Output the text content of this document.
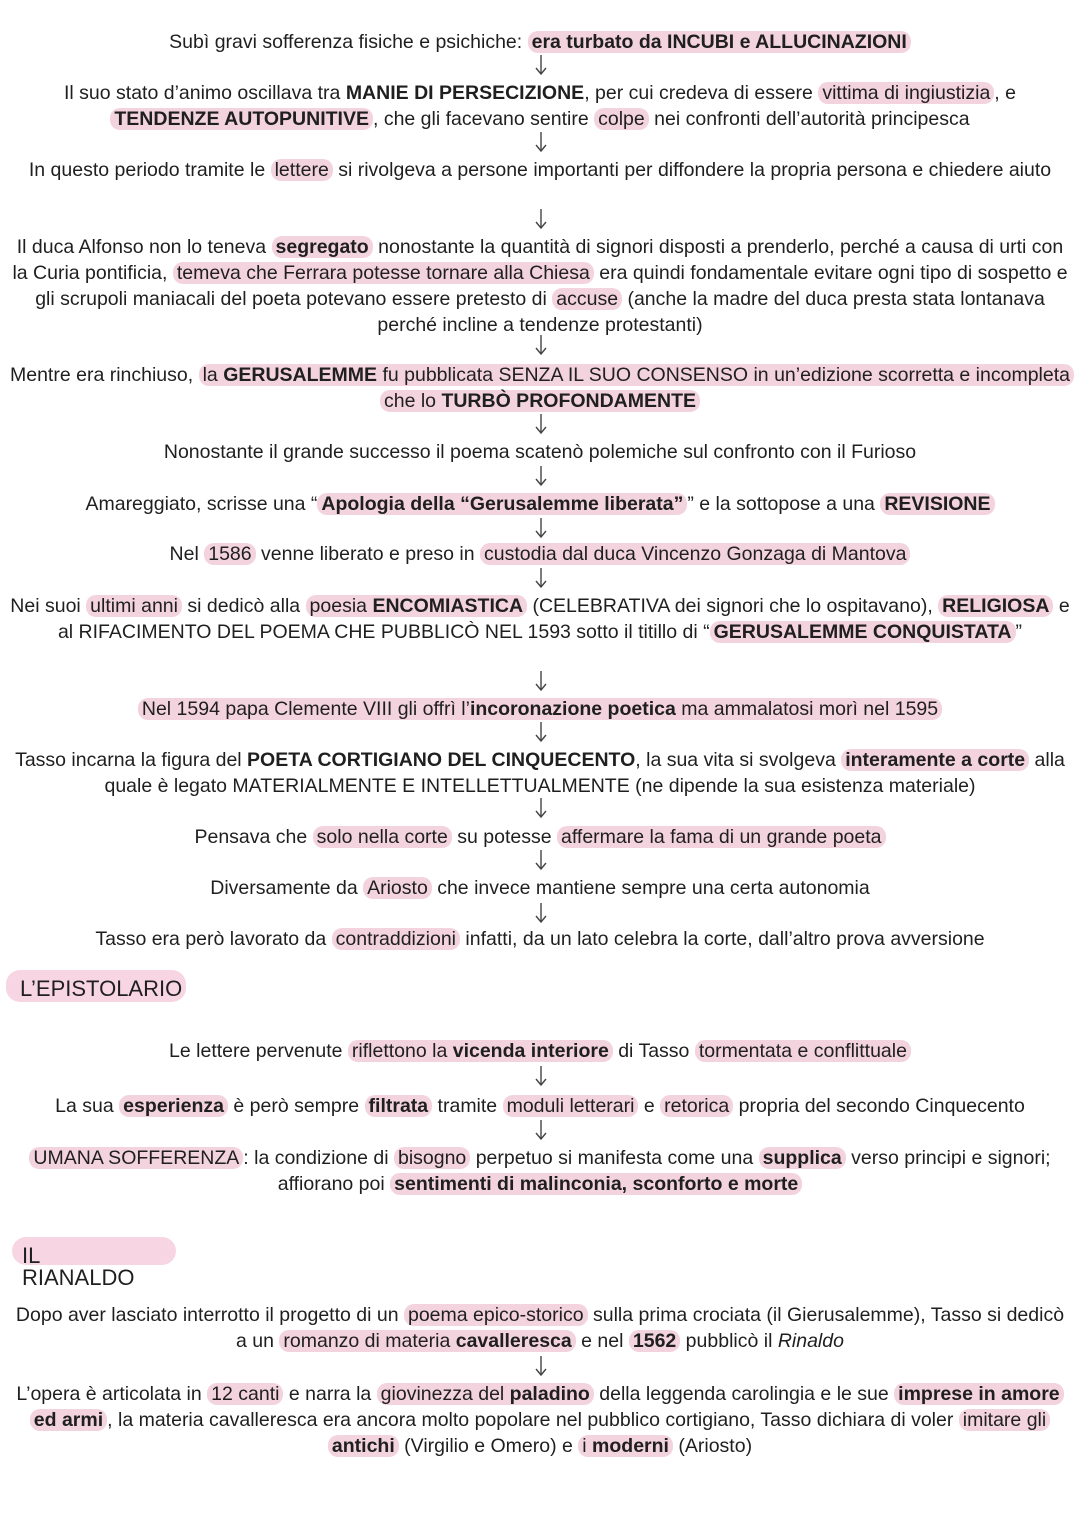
Subì gravi sofferenza fisiche e psichiche: era turbato da INCUBI e ALLUCINAZIONI

Il suo stato d’animo oscillava tra MANIE DI PERSECIZIONE, per cui credeva di essere vittima di ingiustizia , e
TENDENZE AUTOPUNITIVE , che gli facevano sentire colpe nei confronti dell’autorità principesca

In questo periodo tramite le lettere si rivolgeva a persone importanti per diffondere la propria persona e chiedere aiuto

Il duca Alfonso non lo teneva segregato nonostante la quantità di signori disposti a prenderlo, perché a causa di urti con la Curia pontificia, temeva che Ferrara potesse tornare alla Chiesa era quindi fondamentale evitare ogni tipo di sospetto e gli scrupoli maniacali del poeta potevano essere pretesto di accuse (anche la madre del duca presta stata lontanava perché incline a tendenze protestanti)

Mentre era rinchiuso, la GERUSALEMME fu pubblicata SENZA IL SUO CONSENSO in un’edizione scorretta e incompleta che lo TURBÒ PROFONDAMENTE

Nonostante il grande successo il poema scatenò polemiche sul confronto con il Furioso

Amareggiato, scrisse una “ Apologia della “Gerusalemme liberata” ” e la sottopose a una REVISIONE

Nel 1586 venne liberato e preso in custodia dal duca Vincenzo Gonzaga di Mantova

Nei suoi ultimi anni si dedicò alla poesia ENCOMIASTICA (CELEBRATIVA dei signori che lo ospitavano), RELIGIOSA e al RIFACIMENTO DEL POEMA CHE PUBBLICÒ NEL 1593 sotto il titillo di “ GERUSALEMME CONQUISTATA ”

Nel 1594 papa Clemente VIII gli offrì l’incoronazione poetica ma ammalatosi morì nel 1595

Tasso incarna la figura del POETA CORTIGIANO DEL CINQUECENTO, la sua vita si svolgeva interamente a corte alla quale è legato MATERIALMENTE E INTELLETTUALMENTE (ne dipende la sua esistenza materiale)

Pensava che solo nella corte su potesse affermare la fama di un grande poeta

Diversamente da Ariosto che invece mantiene sempre una certa autonomia

Tasso era però lavorato da contraddizioni infatti, da un lato celebra la corte, dall’altro prova avversione

L’EPISTOLARIO

Le lettere pervenute riflettono la vicenda interiore di Tasso tormentata e conflittuale

La sua esperienza è però sempre filtrata tramite moduli letterari e retorica propria del secondo Cinquecento

UMANA SOFFERENZA : la condizione di bisogno perpetuo si manifesta come una supplica verso principi e signori; affiorano poi sentimenti di malinconia, sconforto e morte

IL
RIANALDO

Dopo aver lasciato interrotto il progetto di un poema epico-storico sulla prima crociata (il Gierusalemme), Tasso si dedicò a un romanzo di materia cavalleresca e nel 1562 pubblicò il Rinaldo

L’opera è articolata in 12 canti e narra la giovinezza del paladino della leggenda carolingia e le sue imprese in amore ed armi , la materia cavalleresca era ancora molto popolare nel pubblico cortigiano, Tasso dichiara di voler imitare gli antichi (Virgilio e Omero) e i moderni (Ariosto)
